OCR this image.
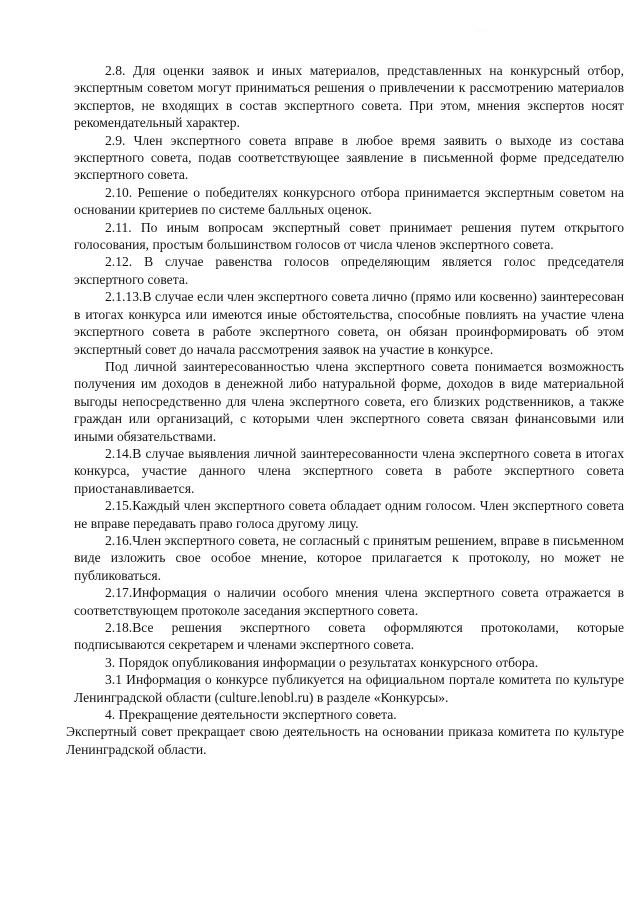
· ·

2.8. Для оценки заявок и иных материалов, представленных на конкурсный отбор, экспертным советом могут приниматься решения о привлечении к рассмотрению материалов экспертов, не входящих в состав экспертного совета. При этом, мнения экспертов носят рекомендательный характер.

2.9. Член экспертного совета вправе в любое время заявить о выходе из состава экспертного совета, подав соответствующее заявление в письменной форме председателю экспертного совета.

2.10. Решение о победителях конкурсного отбора принимается экспертным советом на основании критериев по системе балльных оценок.

2.11. По иным вопросам экспертный совет принимает решения путем открытого голосования, простым большинством голосов от числа членов экспертного совета.

2.12. В случае равенства голосов определяющим является голос председателя экспертного совета.

2.1.13.В случае если член экспертного совета лично (прямо или косвенно) заинтересован в итогах конкурса или имеются иные обстоятельства, способные повлиять на участие члена экспертного совета в работе экспертного совета, он обязан проинформировать об этом экспертный совет до начала рассмотрения заявок на участие в конкурсе.

Под личной заинтересованностью члена экспертного совета понимается возможность получения им доходов в денежной либо натуральной форме, доходов в виде материальной выгоды непосредственно для члена экспертного совета, его близких родственников, а также граждан или организаций, с которыми член экспертного совета связан финансовыми или иными обязательствами.

2.14.В случае выявления личной заинтересованности члена экспертного совета в итогах конкурса, участие данного члена экспертного совета в работе экспертного совета приостанавливается.

2.15.Каждый член экспертного совета обладает одним голосом. Член экспертного совета не вправе передавать право голоса другому лицу.

2.16.Член экспертного совета, не согласный с принятым решением, вправе в письменном виде изложить свое особое мнение, которое прилагается к протоколу, но может не публиковаться.

2.17.Информация о наличии особого мнения члена экспертного совета отражается в соответствующем протоколе заседания экспертного совета.

2.18.Все решения экспертного совета оформляются протоколами, которые подписываются секретарем и членами экспертного совета.

3. Порядок опубликования информации о результатах конкурсного отбора.

3.1 Информация о конкурсе публикуется на официальном портале комитета по культуре Ленинградской области (culture.lenobl.ru) в разделе «Конкурсы».

4. Прекращение деятельности экспертного совета.

Экспертный совет прекращает свою деятельность на основании приказа комитета по культуре Ленинградской области.
